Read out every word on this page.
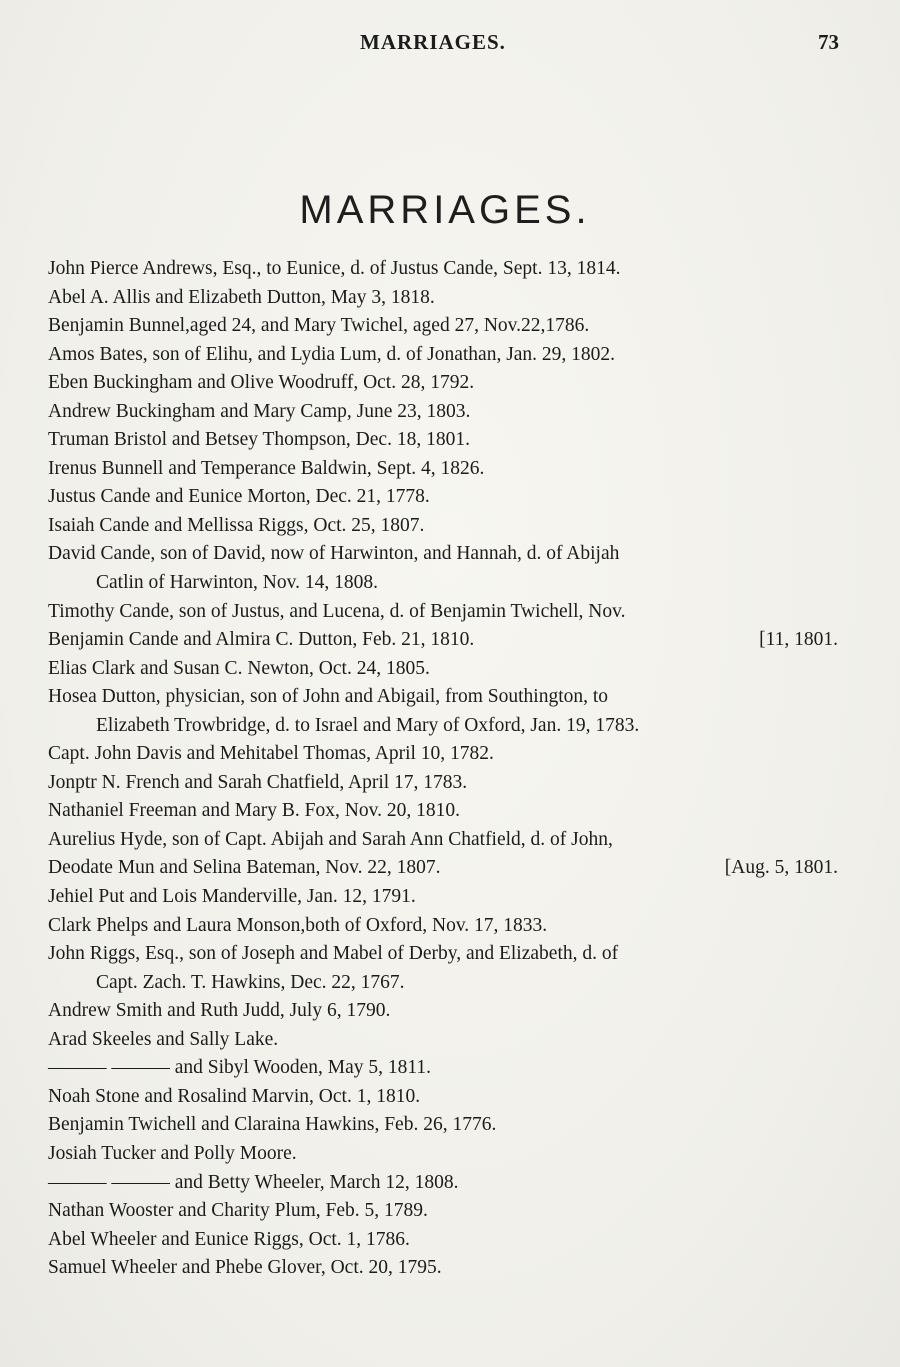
MARRIAGES.	73
MARRIAGES.
John Pierce Andrews, Esq., to Eunice, d. of Justus Cande, Sept. 13, 1814.
Abel A. Allis and Elizabeth Dutton, May 3, 1818.
Benjamin Bunnel,aged 24, and Mary Twichel, aged 27, Nov.22,1786.
Amos Bates, son of Elihu, and Lydia Lum, d. of Jonathan, Jan. 29, 1802.
Eben Buckingham and Olive Woodruff, Oct. 28, 1792.
Andrew Buckingham and Mary Camp, June 23, 1803.
Truman Bristol and Betsey Thompson, Dec. 18, 1801.
Irenus Bunnell and Temperance Baldwin, Sept. 4, 1826.
Justus Cande and Eunice Morton, Dec. 21, 1778.
Isaiah Cande and Mellissa Riggs, Oct. 25, 1807.
David Cande, son of David, now of Harwinton, and Hannah, d. of Abijah
Catlin of Harwinton, Nov. 14, 1808.
Timothy Cande, son of Justus, and Lucena, d. of Benjamin Twichell, Nov.
Benjamin Cande and Almira C. Dutton, Feb. 21, 1810.	[11, 1801.
Elias Clark and Susan C. Newton, Oct. 24, 1805.
Hosea Dutton, physician, son of John and Abigail, from Southington, to
Elizabeth Trowbridge, d. to Israel and Mary of Oxford, Jan. 19, 1783.
Capt. John Davis and Mehitabel Thomas, April 10, 1782.
Jonptr N. French and Sarah Chatfield, April 17, 1783.
Nathaniel Freeman and Mary B. Fox, Nov. 20, 1810.
Aurelius Hyde, son of Capt. Abijah and Sarah Ann Chatfield, d. of John,
Deodate Mun and Selina Bateman, Nov. 22, 1807.	[Aug. 5, 1801.
Jehiel Put and Lois Manderville, Jan. 12, 1791.
Clark Phelps and Laura Monson,both of Oxford, Nov. 17, 1833.
John Riggs, Esq., son of Joseph and Mabel of Derby, and Elizabeth, d. of
Capt. Zach. T. Hawkins, Dec. 22, 1767.
Andrew Smith and Ruth Judd, July 6, 1790.
Arad Skeeles and Sally Lake.
——— ——— and Sibyl Wooden, May 5, 1811.
Noah Stone and Rosalind Marvin, Oct. 1, 1810.
Benjamin Twichell and Claraina Hawkins, Feb. 26, 1776.
Josiah Tucker and Polly Moore.
——— ——— and Betty Wheeler, March 12, 1808.
Nathan Wooster and Charity Plum, Feb. 5, 1789.
Abel Wheeler and Eunice Riggs, Oct. 1, 1786.
Samuel Wheeler and Phebe Glover, Oct. 20, 1795.
